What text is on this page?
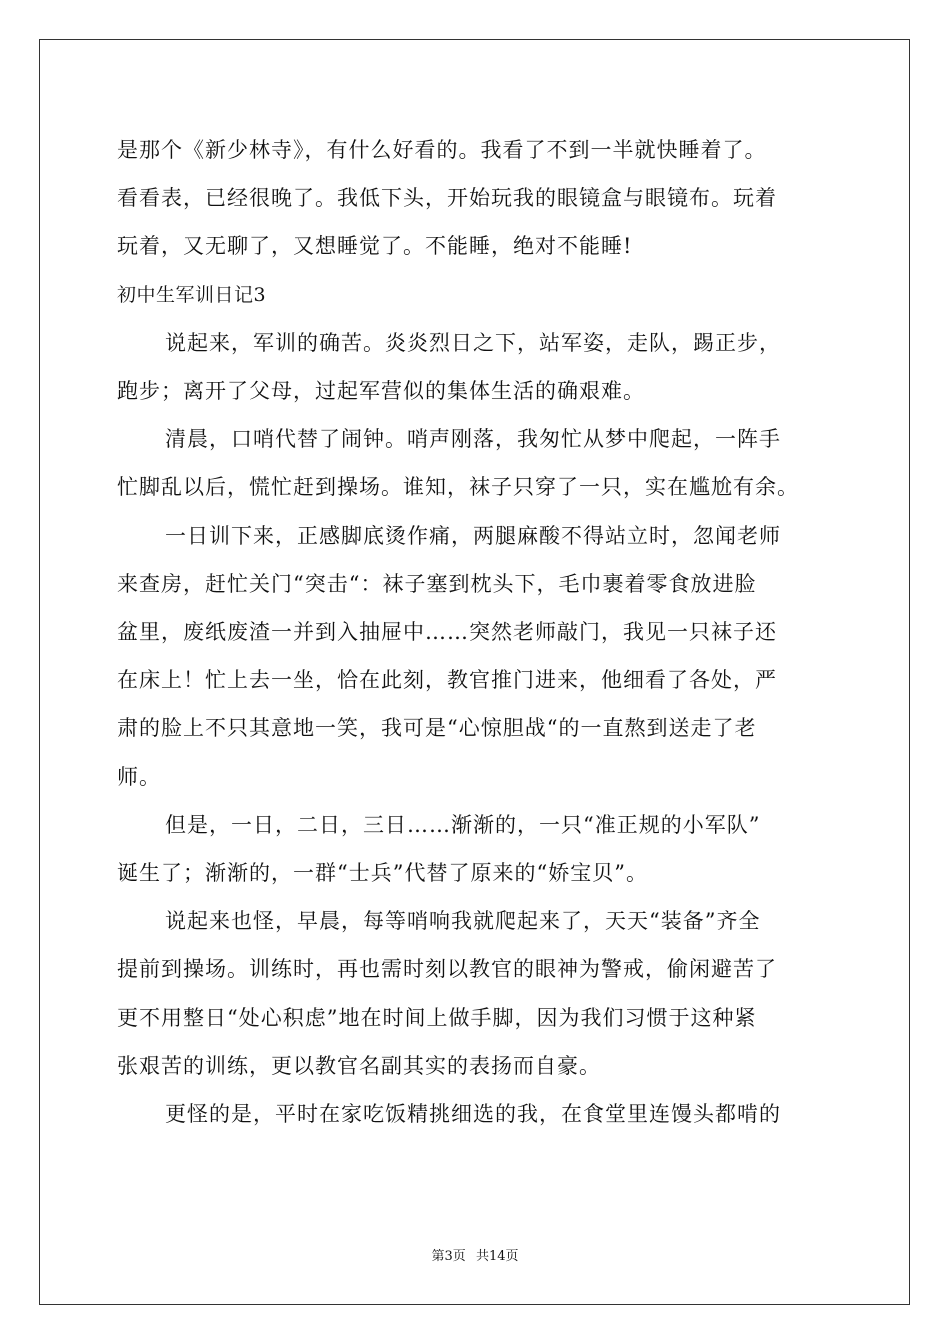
是那个《新少林寺》，有什么好看的。我看了不到一半就快睡着了。

看看表，已经很晚了。我低下头，开始玩我的眼镜盒与眼镜布。玩着

玩着，又无聊了，又想睡觉了。不能睡，绝对不能睡!

初中生军训日记3

说起来，军训的确苦。炎炎烈日之下，站军姿，走队，踢正步，

跑步；离开了父母，过起军营似的集体生活的确艰难。

清晨，口哨代替了闹钟。哨声刚落，我匆忙从梦中爬起，一阵手

忙脚乱以后，慌忙赶到操场。谁知，袜子只穿了一只，实在尴尬有余。

一日训下来，正感脚底烫作痛，两腿麻酸不得站立时，忽闻老师

来查房，赶忙关门“突击“：袜子塞到枕头下，毛巾裹着零食放进脸

盆里，废纸废渣一并到入抽屉中……突然老师敲门，我见一只袜子还

在床上！忙上去一坐，恰在此刻，教官推门进来，他细看了各处，严

肃的脸上不只其意地一笑，我可是“心惊胆战“的一直熬到送走了老

师。

但是，一日，二日，三日……渐渐的，一只“准正规的小军队”

诞生了；渐渐的，一群“士兵”代替了原来的“娇宝贝”。

说起来也怪，早晨，每等哨响我就爬起来了，天天“装备”齐全

提前到操场。训练时，再也需时刻以教官的眼神为警戒，偷闲避苦了

更不用整日“处心积虑”地在时间上做手脚，因为我们习惯于这种紧

张艰苦的训练，更以教官名副其实的表扬而自豪。

更怪的是，平时在家吃饭精挑细选的我，在食堂里连馒头都啃的

第3页 共14页
